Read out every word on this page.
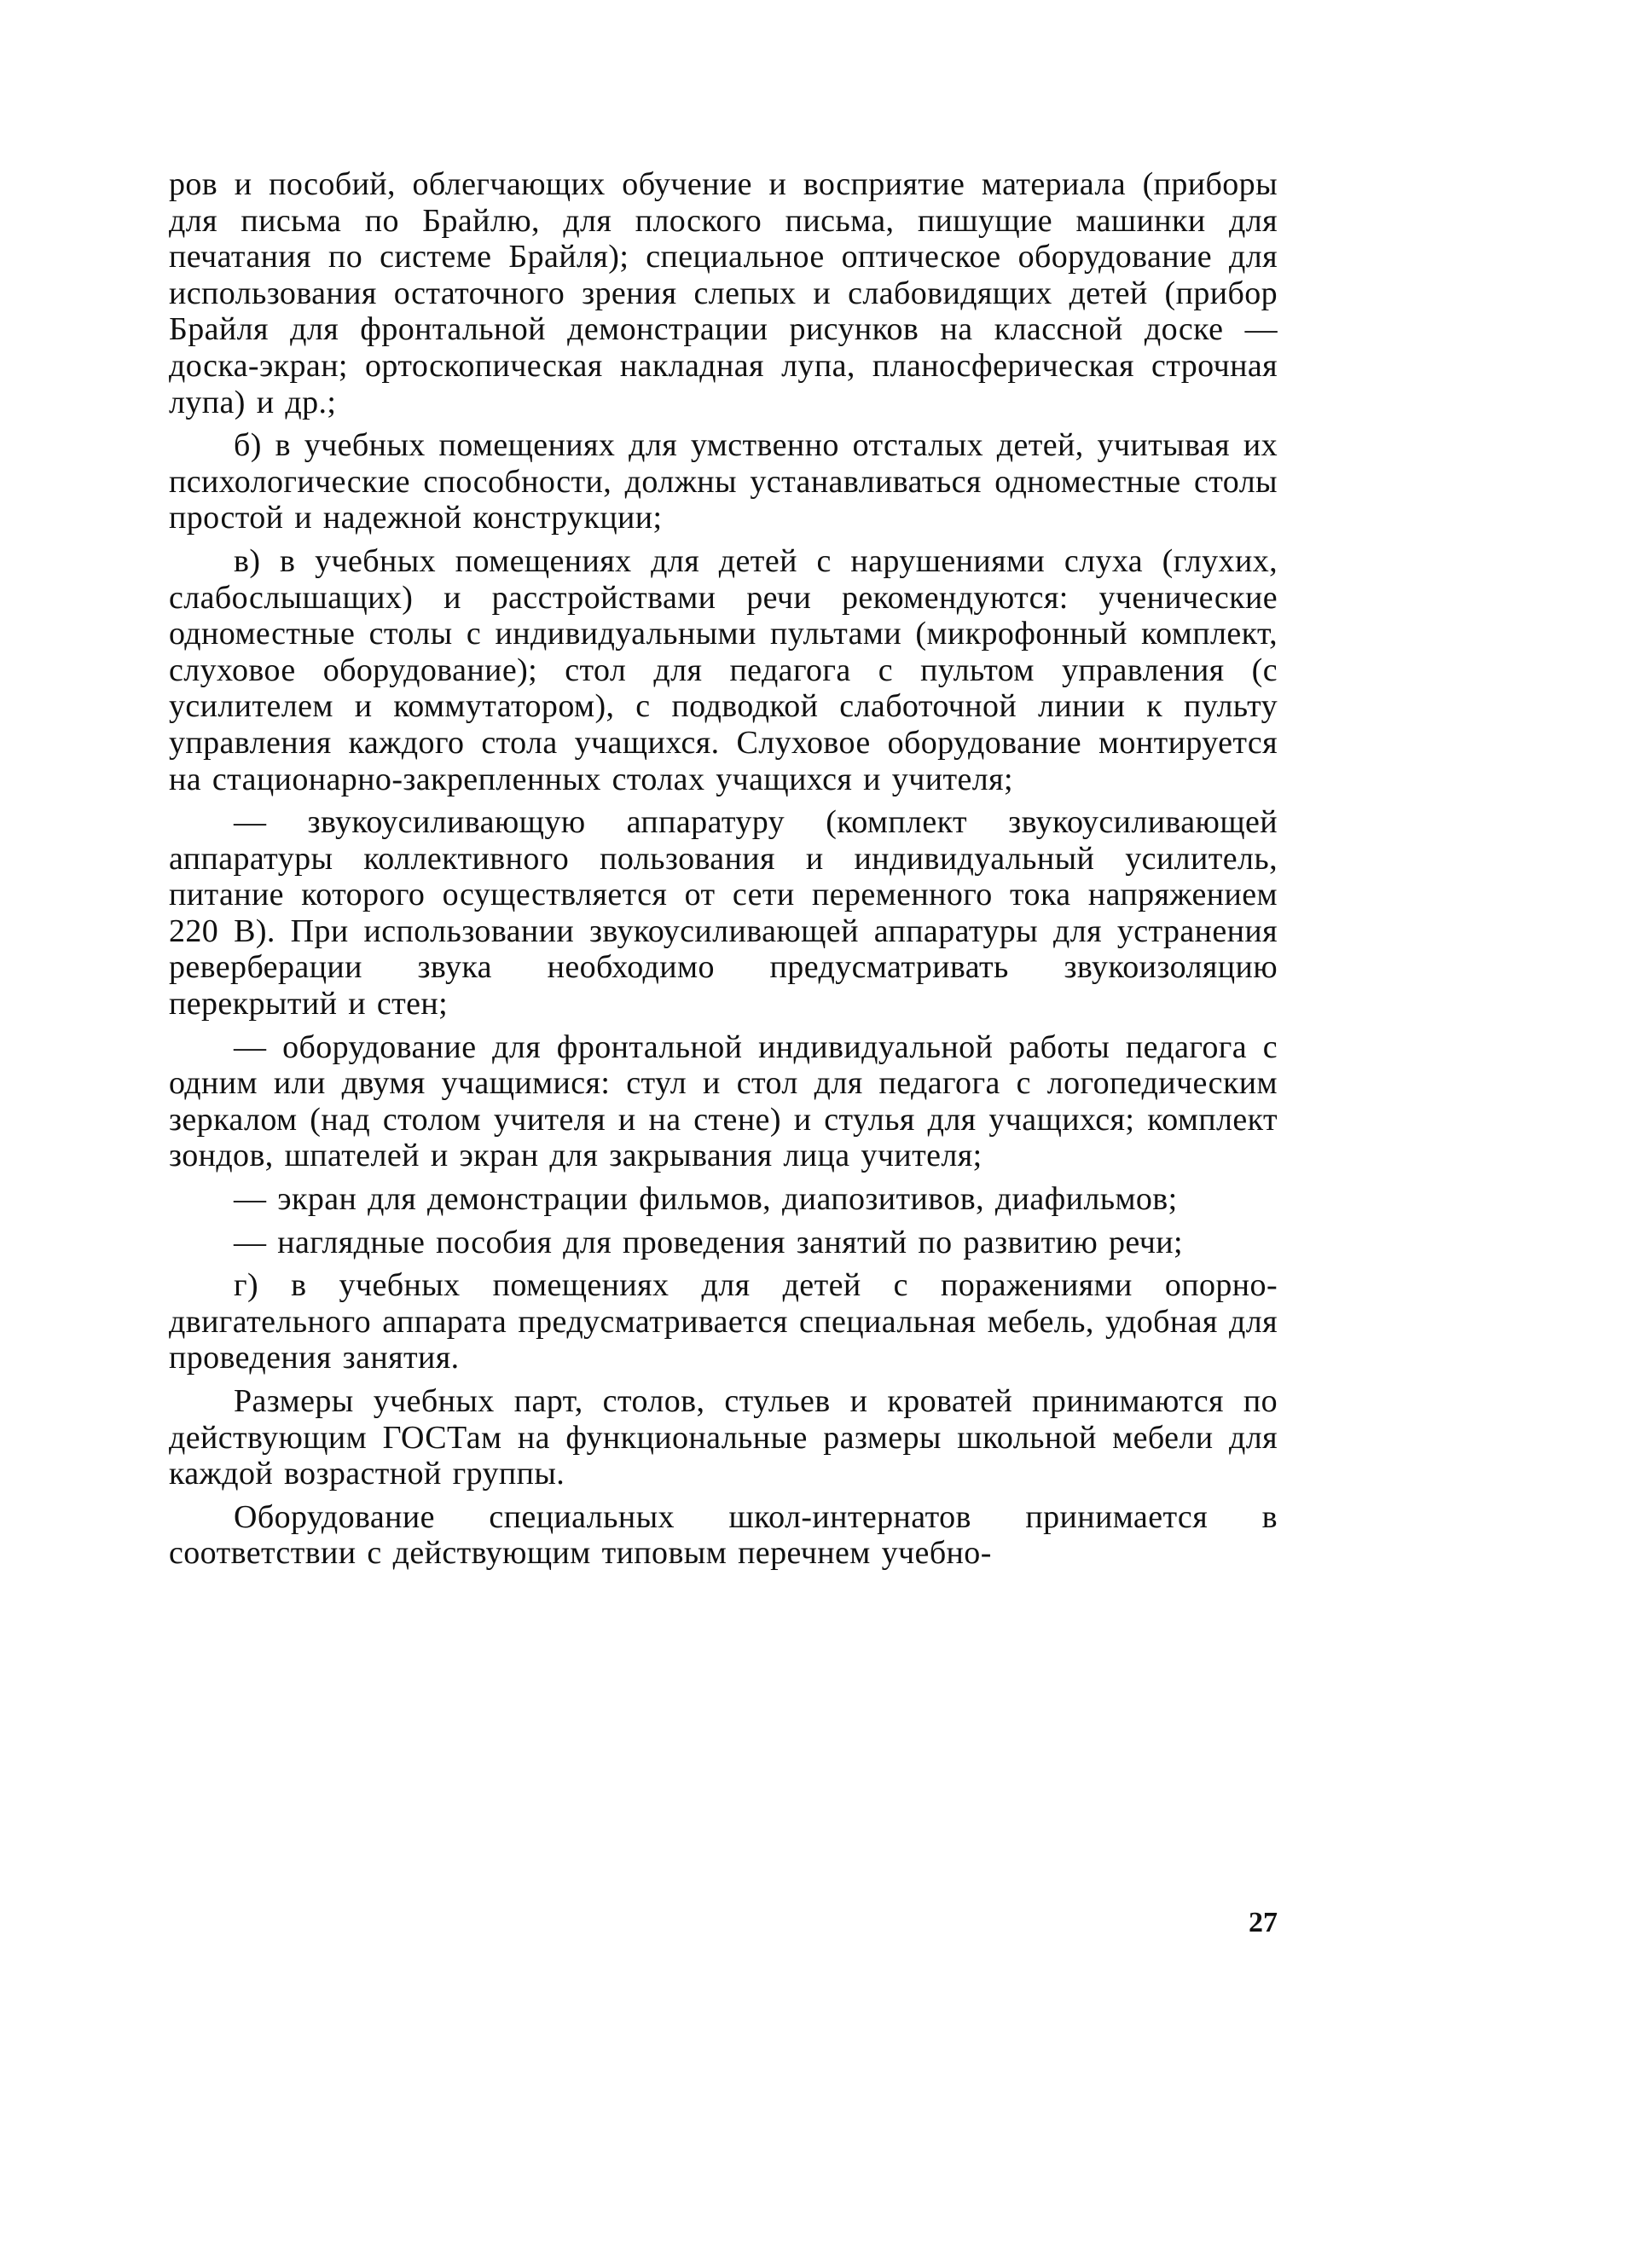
ров и пособий, облегчающих обучение и восприятие материала (приборы для письма по Брайлю, для плоского письма, пишущие машинки для печатания по системе Брайля); специальное оптическое оборудование для использования остаточного зрения слепых и слабовидящих детей (прибор Брайля для фронтальной демонстрации рисунков на классной доске — доска-экран; ортоскопическая накладная лупа, планосферическая строчная лупа) и др.;

б) в учебных помещениях для умственно отсталых детей, учитывая их психологические способности, должны устанавливаться одноместные столы простой и надежной конструкции;

в) в учебных помещениях для детей с нарушениями слуха (глухих, слабослышащих) и расстройствами речи рекомендуются: ученические одноместные столы с индивидуальными пультами (микрофонный комплект, слуховое оборудование); стол для педагога с пультом управления (с усилителем и коммутатором), с подводкой слаботочной линии к пульту управления каждого стола учащихся. Слуховое оборудование монтируется на стационарно-закрепленных столах учащихся и учителя;

— звукоусиливающую аппаратуру (комплект звукоусиливающей аппаратуры коллективного пользования и индивидуальный усилитель, питание которого осуществляется от сети переменного тока напряжением 220 В). При использовании звукоусиливающей аппаратуры для устранения реверберации звука необходимо предусматривать звукоизоляцию перекрытий и стен;

— оборудование для фронтальной индивидуальной работы педагога с одним или двумя учащимися: стул и стол для педагога с логопедическим зеркалом (над столом учителя и на стене) и стулья для учащихся; комплект зондов, шпателей и экран для закрывания лица учителя;

— экран для демонстрации фильмов, диапозитивов, диафильмов;

— наглядные пособия для проведения занятий по развитию речи;

г) в учебных помещениях для детей с поражениями опорно-двигательного аппарата предусматривается специальная мебель, удобная для проведения занятия.

Размеры учебных парт, столов, стульев и кроватей принимаются по действующим ГОСТам на функциональные размеры школьной мебели для каждой возрастной группы.

Оборудование специальных школ-интернатов принимается в соответствии с действующим типовым перечнем учебно-

27
